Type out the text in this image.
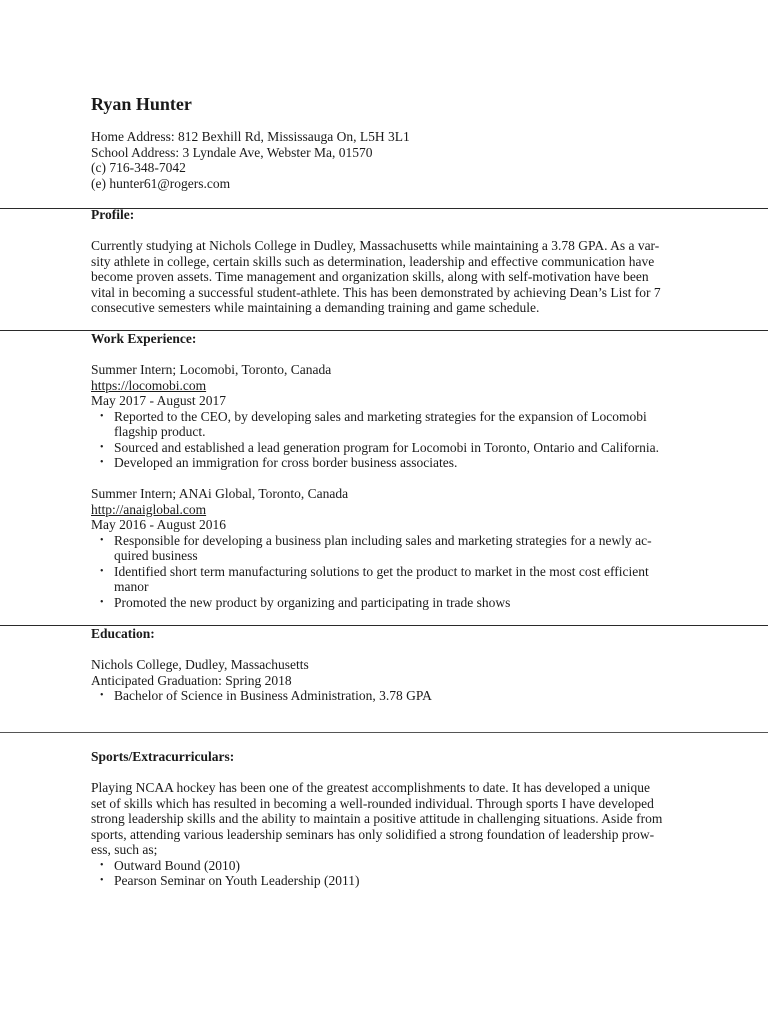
Ryan Hunter
Home Address: 812 Bexhill Rd, Mississauga On, L5H 3L1
School Address: 3 Lyndale Ave, Webster Ma, 01570
(c) 716-348-7042
(e) hunter61@rogers.com
Profile:
Currently studying at Nichols College in Dudley, Massachusetts while maintaining a 3.78 GPA. As a var-
sity athlete in college, certain skills such as determination, leadership and effective communication have
become proven assets. Time management and organization skills, along with self-motivation have been
vital in becoming a successful student-athlete. This has been demonstrated by achieving Dean’s List for 7
consecutive semesters while maintaining a demanding training and game schedule.
Work Experience:
Summer Intern; Locomobi, Toronto, Canada
https://locomobi.com
May 2017 - August 2017
• Reported to the CEO, by developing sales and marketing strategies for the expansion of Locomobi
flagship product.
• Sourced and established a lead generation program for Locomobi in Toronto, Ontario and California.
• Developed an immigration for cross border business associates.
Summer Intern; ANAi Global, Toronto, Canada
http://anaiglobal.com
May 2016 - August 2016
• Responsible for developing a business plan including sales and marketing strategies for a newly ac-
quired business
• Identified short term manufacturing solutions to get the product to market in the most cost efficient
manor
• Promoted the new product by organizing and participating in trade shows
Education:
Nichols College, Dudley, Massachusetts
Anticipated Graduation: Spring 2018
• Bachelor of Science in Business Administration, 3.78 GPA
Sports/Extracurriculars:
Playing NCAA hockey has been one of the greatest accomplishments to date. It has developed a unique
set of skills which has resulted in becoming a well-rounded individual. Through sports I have developed
strong leadership skills and the ability to maintain a positive attitude in challenging situations. Aside from
sports, attending various leadership seminars has only solidified a strong foundation of leadership prow-
ess, such as;
• Outward Bound (2010)
• Pearson Seminar on Youth Leadership (2011)
